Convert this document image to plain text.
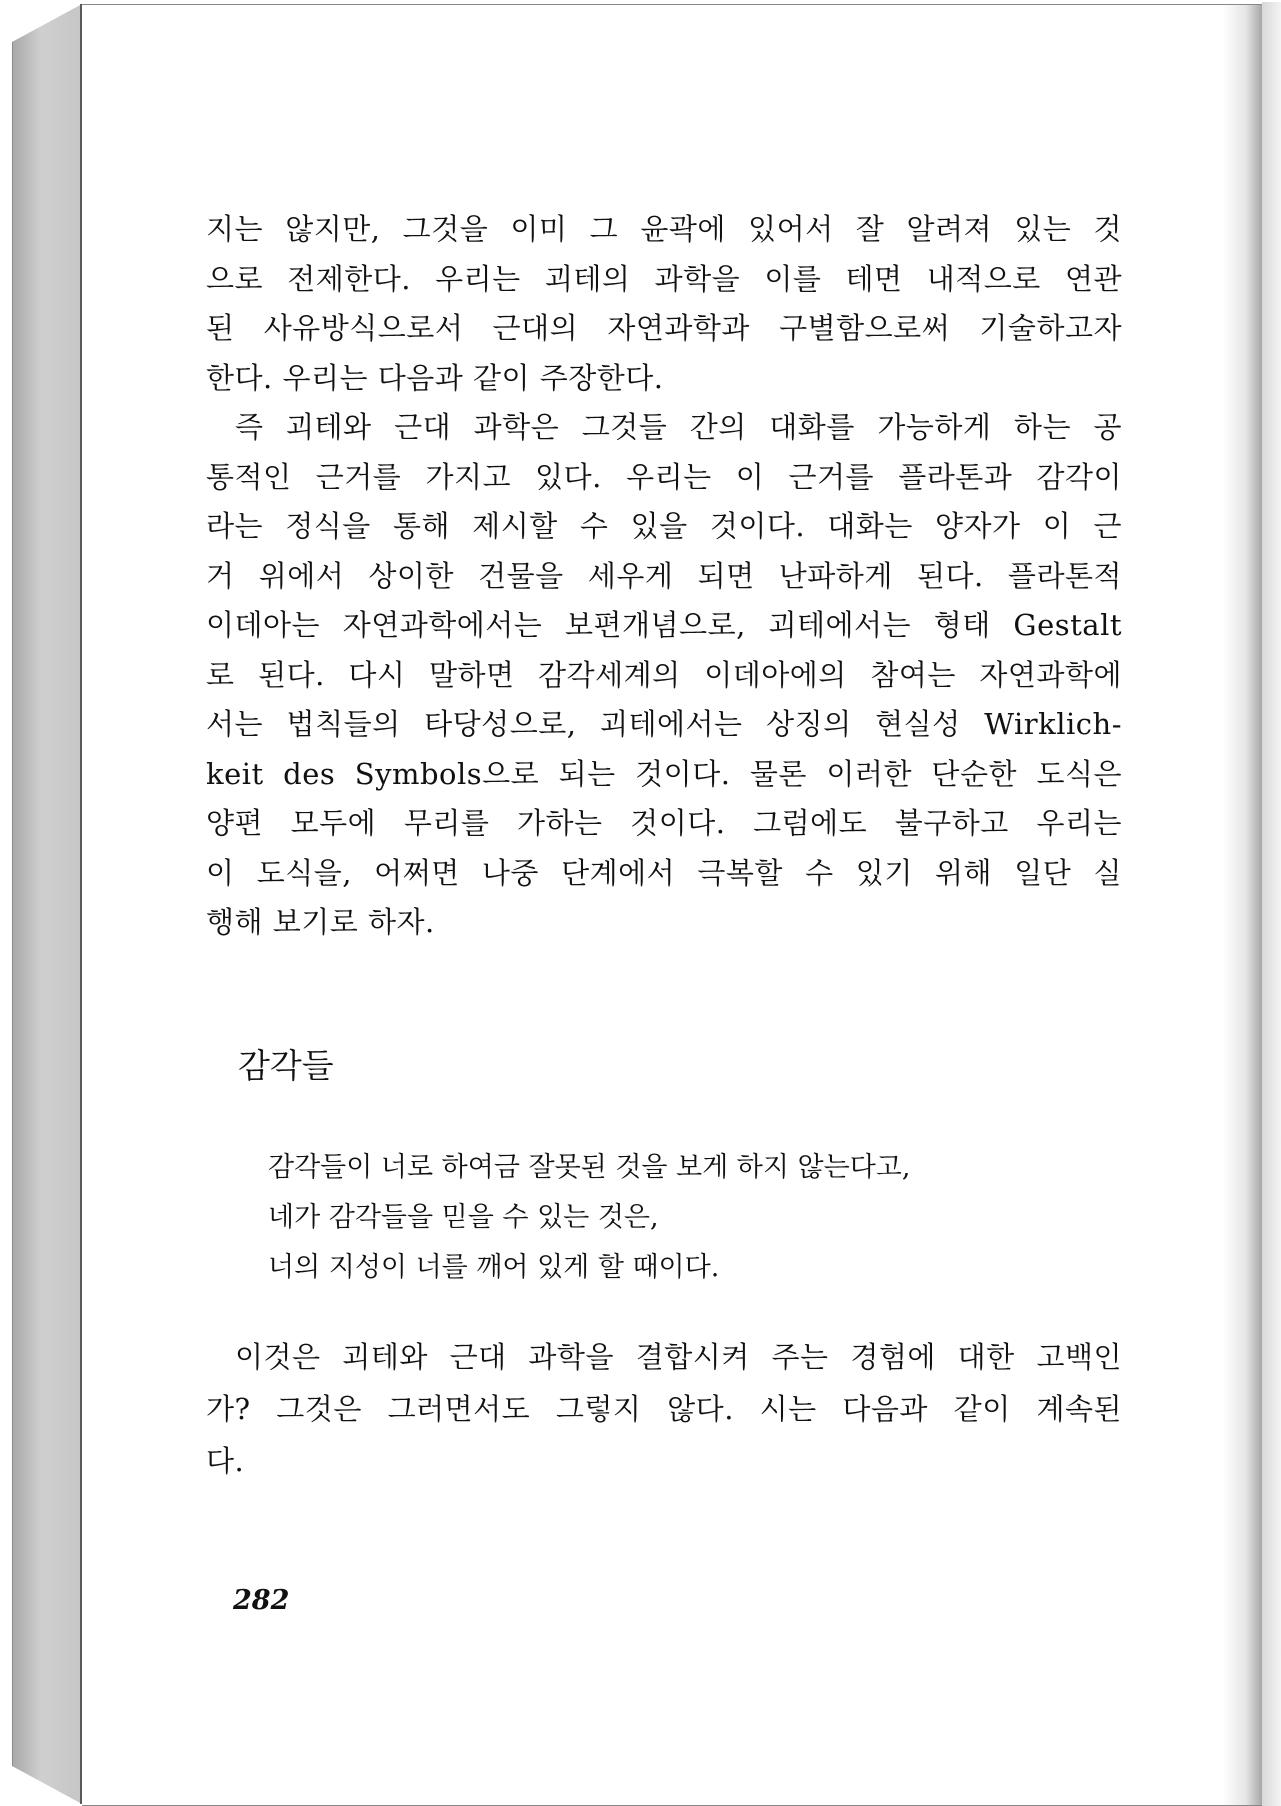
지는 않지만, 그것을 이미 그 윤곽에 있어서 잘 알려져 있는 것
으로 전제한다. 우리는 괴테의 과학을 이를 테면 내적으로 연관
된 사유방식으로서 근대의 자연과학과 구별함으로써 기술하고자
한다. 우리는 다음과 같이 주장한다.
즉 괴테와 근대 과학은 그것들 간의 대화를 가능하게 하는 공
통적인 근거를 가지고 있다. 우리는 이 근거를 플라톤과 감각이
라는 정식을 통해 제시할 수 있을 것이다. 대화는 양자가 이 근
거 위에서 상이한 건물을 세우게 되면 난파하게 된다. 플라톤적
이데아는 자연과학에서는 보편개념으로, 괴테에서는 형태 Gestalt
로 된다. 다시 말하면 감각세계의 이데아에의 참여는 자연과학에
서는 법칙들의 타당성으로, 괴테에서는 상징의 현실성 Wirklich-
keit des Symbols으로 되는 것이다. 물론 이러한 단순한 도식은
양편 모두에 무리를 가하는 것이다. 그럼에도 불구하고 우리는
이 도식을, 어쩌면 나중 단계에서 극복할 수 있기 위해 일단 실
행해 보기로 하자.
감각들
감각들이 너로 하여금 잘못된 것을 보게 하지 않는다고,
네가 감각들을 믿을 수 있는 것은,
너의 지성이 너를 깨어 있게 할 때이다.
이것은 괴테와 근대 과학을 결합시켜 주는 경험에 대한 고백인
가? 그것은 그러면서도 그렇지 않다. 시는 다음과 같이 계속된
다.
282
